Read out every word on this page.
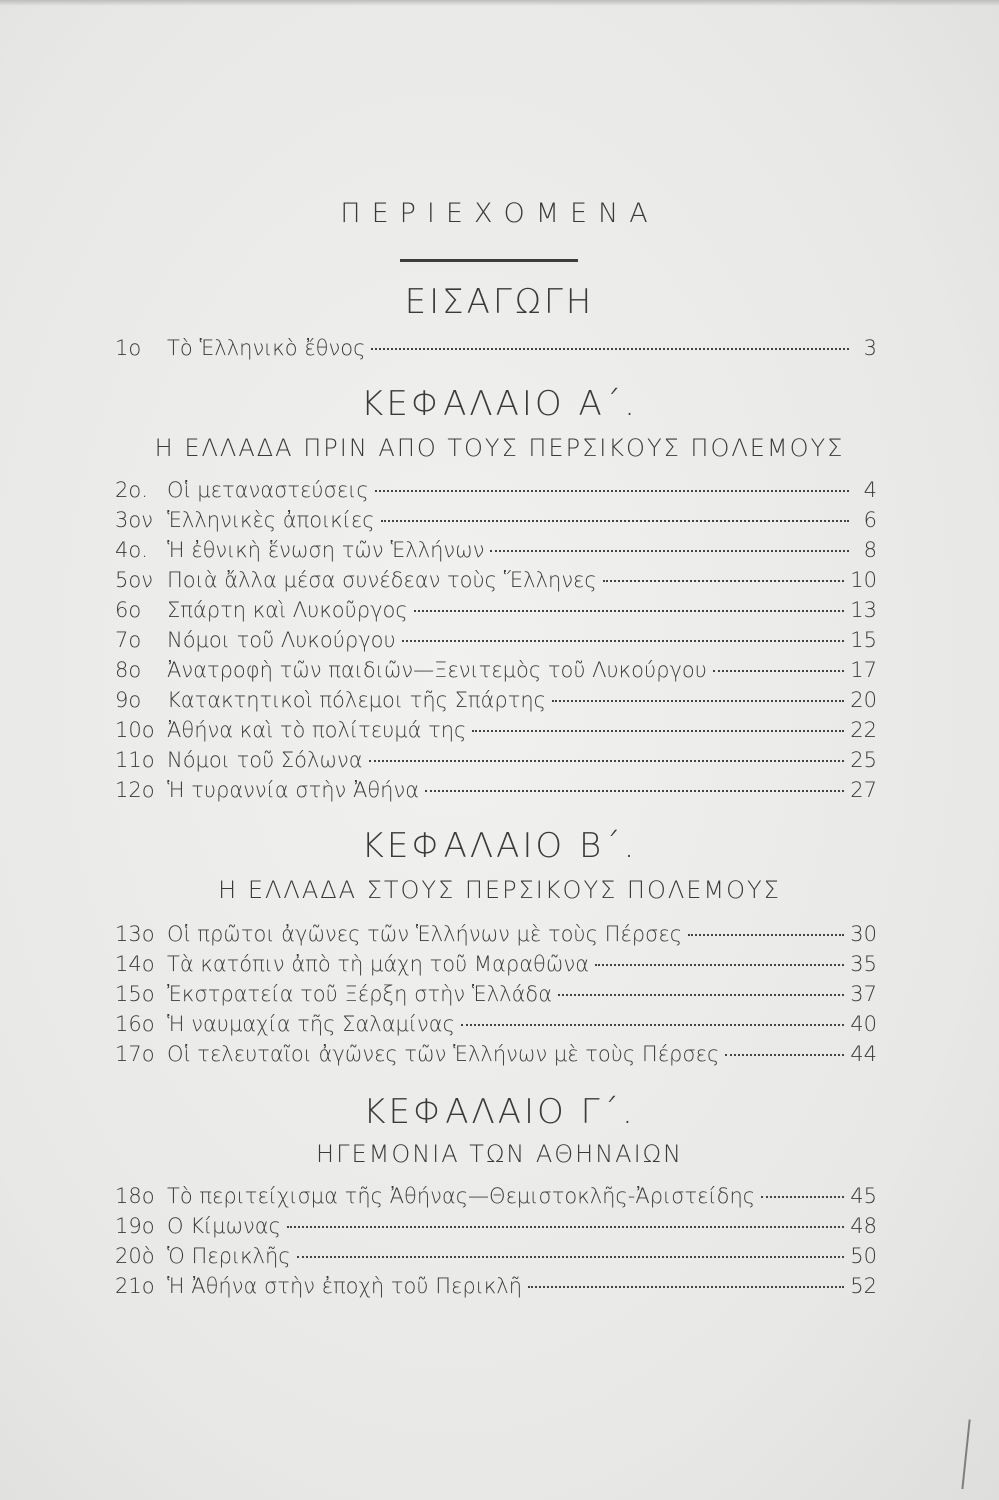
ΠΕΡΙΕΧΟΜΕΝΑ
ΕΙΣΑΓΩΓΗ
1ο	Τὸ Ἑλληνικὸ ἔθνος	3
ΚΕΦΑΛΑΙΟ Α΄.
Η ΕΛΛΑΔΑ ΠΡΙΝ ΑΠΟ ΤΟΥΣ ΠΕΡΣΙΚΟΥΣ ΠΟΛΕΜΟΥΣ
2ο. Οἱ μεταναστεύσεις	4
3ον Ἑλληνικὲς ἀποικίες	6
4ο. Ἡ ἐθνικὴ ἕνωση τῶν Ἑλλήνων	8
5ον Ποιὰ ἄλλα μέσα συνέδεαν τοὺς Ἕλληνες	10
6ο	Σπάρτη καὶ Λυκοῦργος	13
7ο	Νόμοι τοῦ Λυκούργου	15
8ο	Ἀνατροφὴ τῶν παιδιῶν—Ξενιτεμὸς τοῦ Λυκούργου	17
9ο	Κατακτητικοὶ πόλεμοι τῆς Σπάρτης	20
10ο Ἀθήνα καὶ τὸ πολίτευμά της	22
11ο Νόμοι τοῦ Σόλωνα	25
12ο Ἡ τυραννία στὴν Ἀθήνα	27
ΚΕΦΑΛΑΙΟ Β΄.
Η ΕΛΛΑΔΑ ΣΤΟΥΣ ΠΕΡΣΙΚΟΥΣ ΠΟΛΕΜΟΥΣ
13ο Οἱ πρῶτοι ἀγῶνες τῶν Ἑλλήνων μὲ τοὺς Πέρσες	30
14ο Τὰ κατόπιν ἀπὸ τὴ μάχη τοῦ Μαραθῶνα	35
15ο Ἐκστρατεία τοῦ Ξέρξη στὴν Ἑλλάδα	37
16ο Ἡ ναυμαχία τῆς Σαλαμίνας	40
17ο Οἱ τελευταῖοι ἀγῶνες τῶν Ἑλλήνων μὲ τοὺς Πέρσες	44
ΚΕΦΑΛΑΙΟ Γ΄.
ΗΓΕΜΟΝΙΑ ΤΩΝ ΑΘΗΝΑΙΩΝ
18ο Τὸ περιτείχισμα τῆς Ἀθήνας—Θεμιστοκλῆς-Ἀριστείδης	45
19ο Ο Κίμωνας	48
20ὸ Ὁ Περικλῆς	50
21ο Ἡ Ἀθήνα στὴν ἐποχὴ τοῦ Περικλῆ	52
